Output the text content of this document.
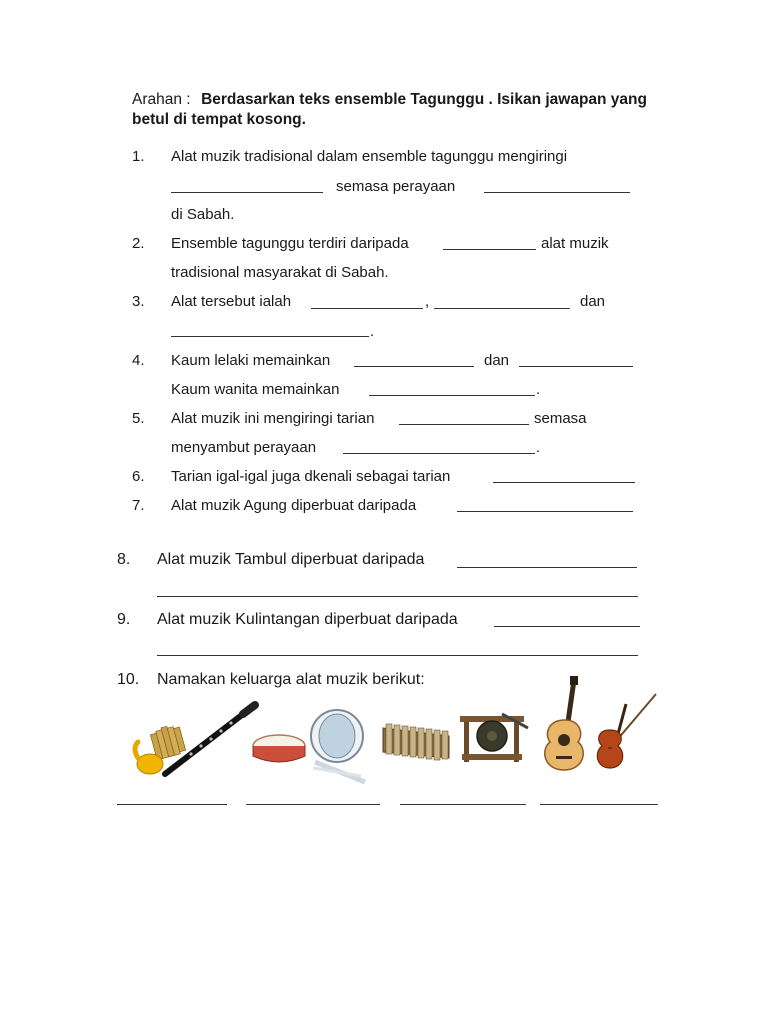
Arahan : Berdasarkan teks ensemble Tagunggu . Isikan jawapan yang
betul di tempat kosong.
1. Alat muzik tradisional dalam ensemble tagunggu mengiringi
semasa perayaan
di Sabah.
2. Ensemble tagunggu terdiri daripada	alat muzik
tradisional masyarakat di Sabah.
3. Alat tersebut ialah	,	dan
.
4. Kaum lelaki memainkan	dan
Kaum wanita memainkan	.
5. Alat muzik ini mengiringi tarian	semasa
menyambut perayaan	.
6. Tarian igal-igal juga dkenali sebagai tarian
7. Alat muzik Agung diperbuat daripada
8. Alat muzik Tambul diperbuat daripada
9. Alat muzik Kulintangan diperbuat daripada
10. Namakan keluarga alat muzik berikut:
